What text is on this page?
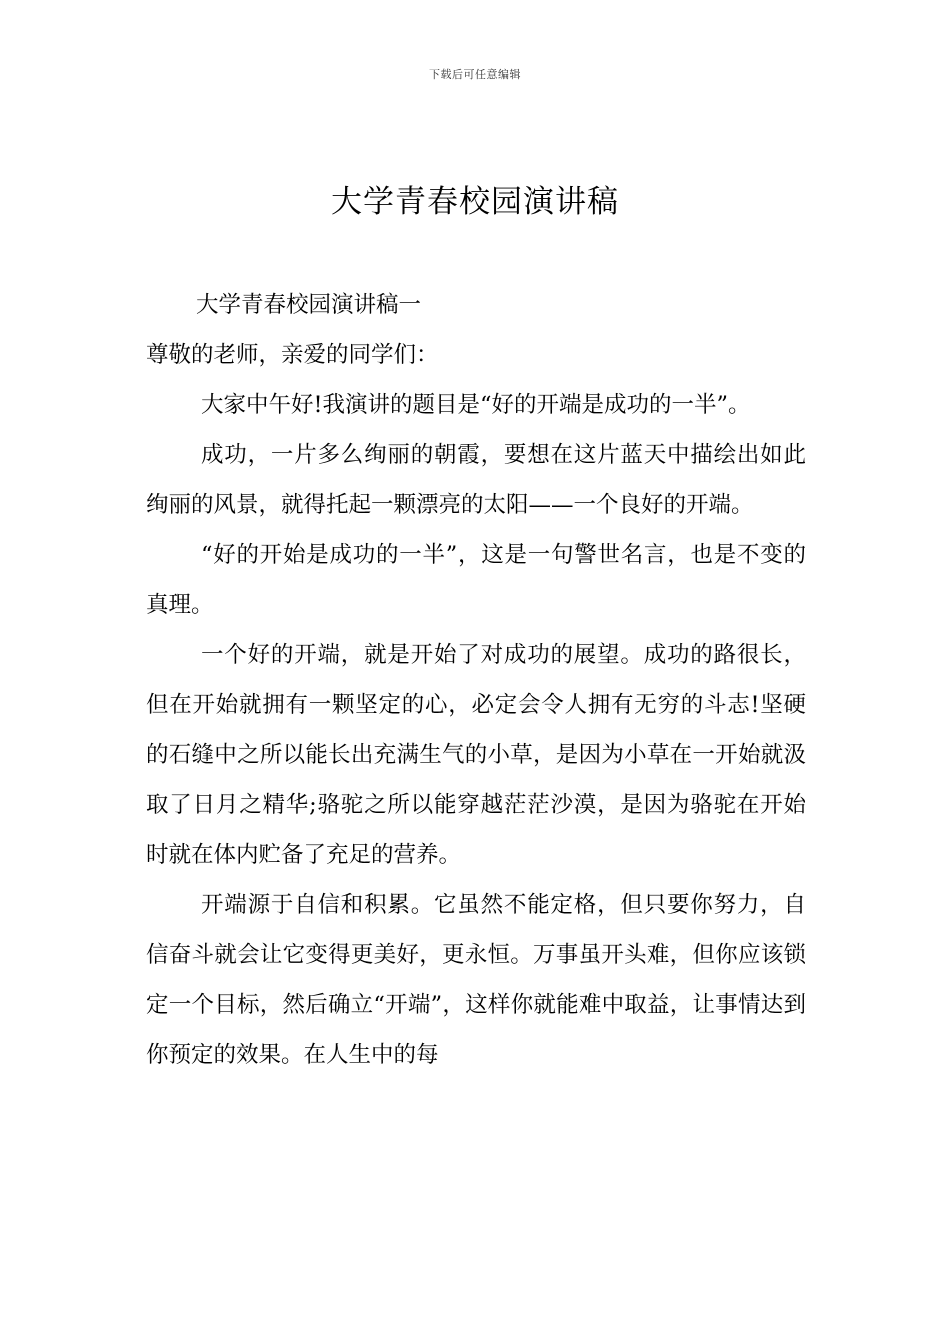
下载后可任意编辑
大学青春校园演讲稿

大学青春校园演讲稿一

尊敬的老师，亲爱的同学们：

大家中午好!我演讲的题目是“好的开端是成功的一半”。

成功，一片多么绚丽的朝霞，要想在这片蓝天中描绘出如此绚丽的风景，就得托起一颗漂亮的太阳——一个良好的开端。

“好的开始是成功的一半”，这是一句警世名言，也是不变的真理。

一个好的开端，就是开始了对成功的展望。成功的路很长，但在开始就拥有一颗坚定的心，必定会令人拥有无穷的斗志!坚硬的石缝中之所以能长出充满生气的小草，是因为小草在一开始就汲取了日月之精华;骆驼之所以能穿越茫茫沙漠，是因为骆驼在开始时就在体内贮备了充足的营养。

开端源于自信和积累。它虽然不能定格，但只要你努力，自信奋斗就会让它变得更美好，更永恒。万事虽开头难，但你应该锁定一个目标，然后确立“开端”，这样你就能难中取益，让事情达到你预定的效果。在人生中的每
